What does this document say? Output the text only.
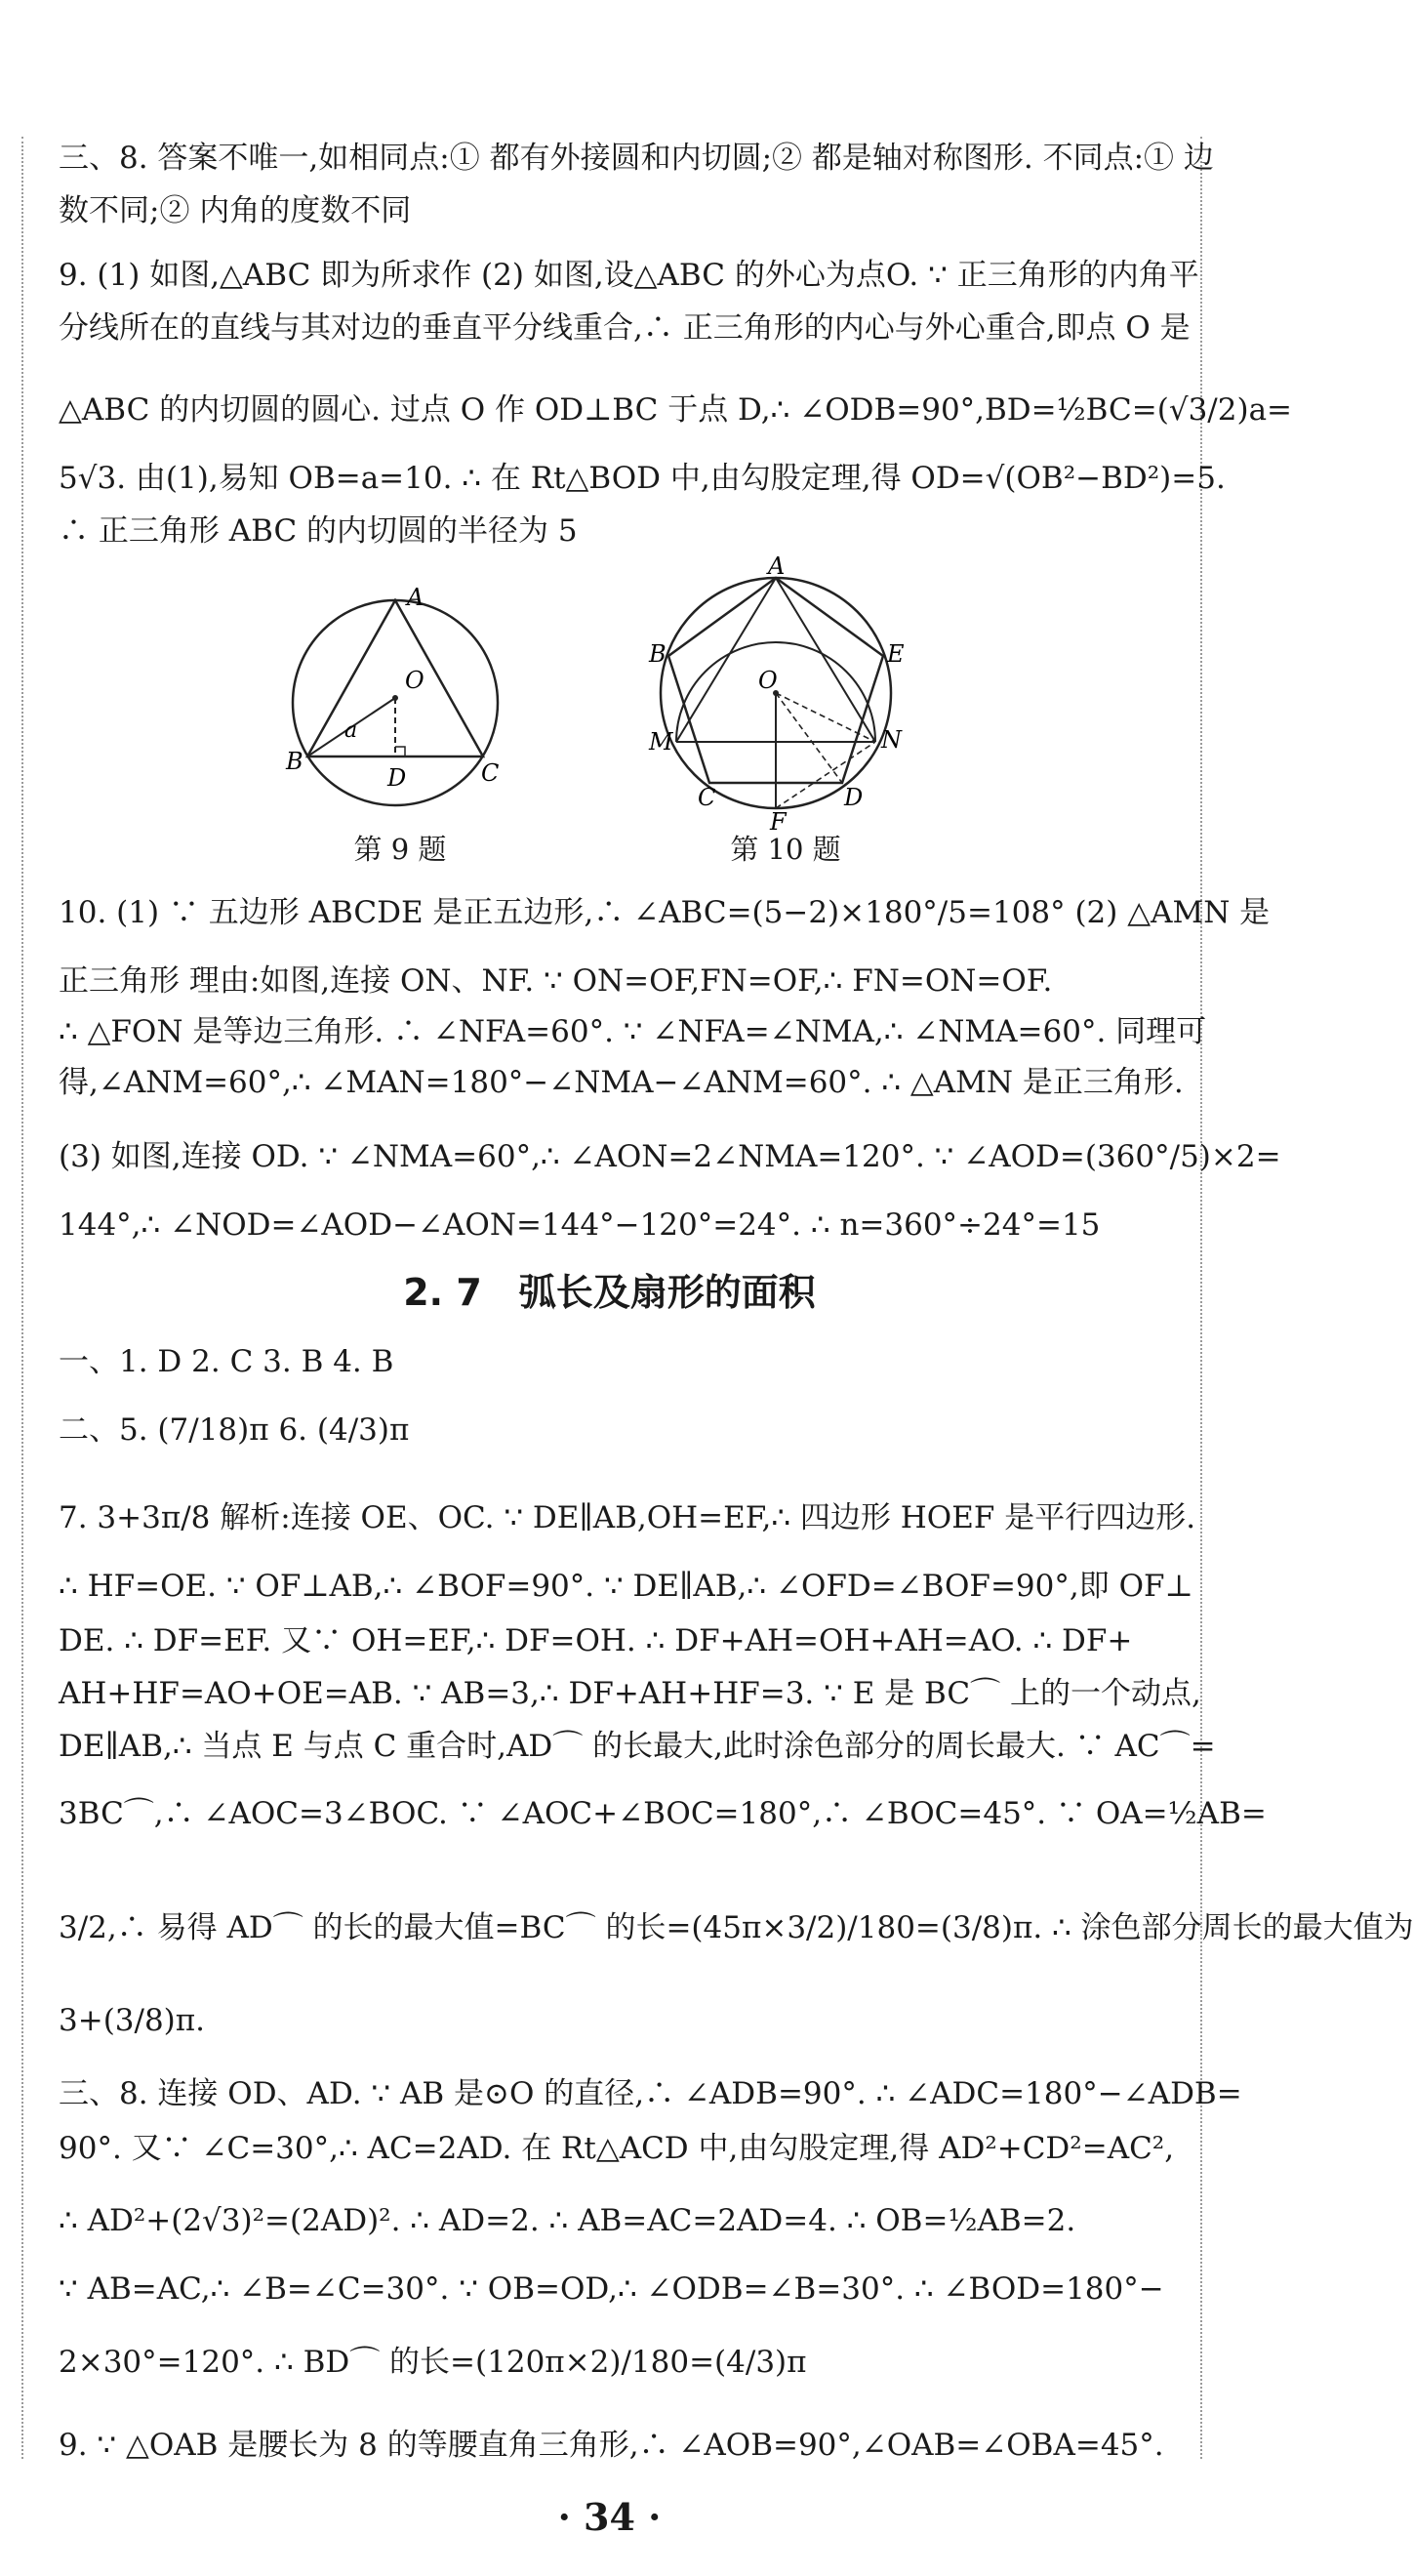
三、8. 答案不唯一,如相同点:① 都有外接圆和内切圆;② 都是轴对称图形. 不同点:① 边
数不同;② 内角的度数不同
9. (1) 如图,△ABC 即为所求作 (2) 如图,设△ABC 的外心为点O. ∵ 正三角形的内角平
分线所在的直线与其对边的垂直平分线重合,∴ 正三角形的内心与外心重合,即点 O 是
△ABC 的内切圆的圆心. 过点 O 作 OD⊥BC 于点 D,∴ ∠ODB=90°,BD=½BC=(√3/2)a=
5√3. 由(1),易知 OB=a=10. ∴ 在 Rt△BOD 中,由勾股定理,得 OD=√(OB²−BD²)=5.
∴ 正三角形 ABC 的内切圆的半径为 5
A
B	C
D
O
a
第 9 题
A
B	E
O
M	N
C	D
F
第 10 题
10. (1) ∵ 五边形 ABCDE 是正五边形,∴ ∠ABC=(5−2)×180°/5=108° (2) △AMN 是
正三角形 理由:如图,连接 ON、NF. ∵ ON=OF,FN=OF,∴ FN=ON=OF.
∴ △FON 是等边三角形. ∴ ∠NFA=60°. ∵ ∠NFA=∠NMA,∴ ∠NMA=60°. 同理可
得,∠ANM=60°,∴ ∠MAN=180°−∠NMA−∠ANM=60°. ∴ △AMN 是正三角形.
(3) 如图,连接 OD. ∵ ∠NMA=60°,∴ ∠AON=2∠NMA=120°. ∵ ∠AOD=(360°/5)×2=
144°,∴ ∠NOD=∠AOD−∠AON=144°−120°=24°. ∴ n=360°÷24°=15
2. 7　弧长及扇形的面积
一、1. D 2. C 3. B 4. B
二、5. (7/18)π 6. (4/3)π
7. 3+3π/8 解析:连接 OE、OC. ∵ DE∥AB,OH=EF,∴ 四边形 HOEF 是平行四边形.
∴ HF=OE. ∵ OF⊥AB,∴ ∠BOF=90°. ∵ DE∥AB,∴ ∠OFD=∠BOF=90°,即 OF⊥
DE. ∴ DF=EF. 又∵ OH=EF,∴ DF=OH. ∴ DF+AH=OH+AH=AO. ∴ DF+
AH+HF=AO+OE=AB. ∵ AB=3,∴ DF+AH+HF=3. ∵ E 是 BC⌒ 上的一个动点,
DE∥AB,∴ 当点 E 与点 C 重合时,AD⌒ 的长最大,此时涂色部分的周长最大. ∵ AC⌒=
3BC⌒,∴ ∠AOC=3∠BOC. ∵ ∠AOC+∠BOC=180°,∴ ∠BOC=45°. ∵ OA=½AB=
3/2,∴ 易得 AD⌒ 的长的最大值=BC⌒ 的长=(45π×3/2)/180=(3/8)π. ∴ 涂色部分周长的最大值为
3+(3/8)π.
三、8. 连接 OD、AD. ∵ AB 是⊙O 的直径,∴ ∠ADB=90°. ∴ ∠ADC=180°−∠ADB=
90°. 又∵ ∠C=30°,∴ AC=2AD. 在 Rt△ACD 中,由勾股定理,得 AD²+CD²=AC²,
∴ AD²+(2√3)²=(2AD)². ∴ AD=2. ∴ AB=AC=2AD=4. ∴ OB=½AB=2.
∵ AB=AC,∴ ∠B=∠C=30°. ∵ OB=OD,∴ ∠ODB=∠B=30°. ∴ ∠BOD=180°−
2×30°=120°. ∴ BD⌒ 的长=(120π×2)/180=(4/3)π
9. ∵ △OAB 是腰长为 8 的等腰直角三角形,∴ ∠AOB=90°,∠OAB=∠OBA=45°.
· 34 ·
